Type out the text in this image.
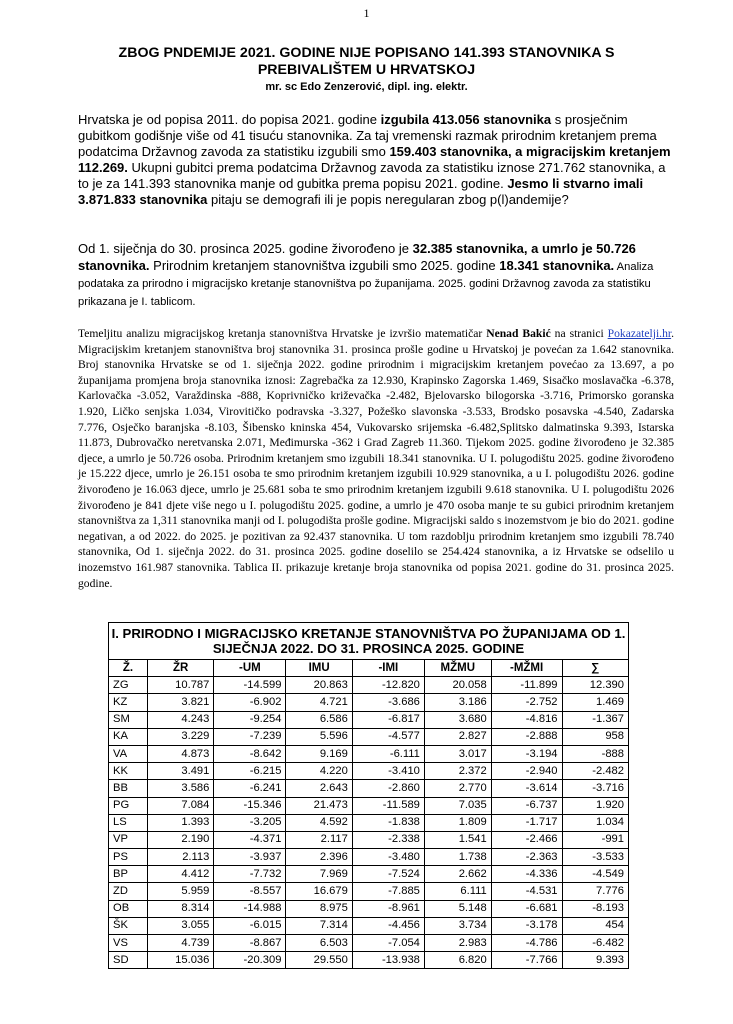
1
ZBOG PNDEMIJE 2021. GODINE NIJE POPISANO 141.393 STANOVNIKA S PREBIVALIŠTEM U HRVATSKOJ
mr. sc Edo Zenzerović, dipl. ing. elektr.
Hrvatska je od popisa 2011. do popisa 2021. godine izgubila 413.056 stanovnika s prosječnim gubitkom godišnje više od 41 tisuću stanovnika. Za taj vremenski razmak prirodnim kretanjem prema podatcima Državnog zavoda za statistiku izgubili smo 159.403 stanovnika, a migracijskim kretanjem 112.269. Ukupni gubitci prema podatcima Državnog zavoda za statistiku iznose 271.762 stanovnika, a to je za 141.393 stanovnika manje od gubitka prema popisu 2021. godine. Jesmo li stvarno imali 3.871.833 stanovnika pitaju se demografi ili je popis neregularan zbog p(l)andemije?
Od 1. siječnja do 30. prosinca 2025. godine živorođeno je 32.385 stanovnika, a umrlo je 50.726 stanovnika. Prirodnim kretanjem stanovništva izgubili smo 2025. godine 18.341 stanovnika. Analiza podataka za prirodno i migracijsko kretanje stanovništva po županijama. 2025. godini Državnog zavoda za statistiku prikazana je I. tablicom.
Temeljitu analizu migracijskog kretanja stanovništva Hrvatske je izvršio matematičar Nenad Bakić na stranici Pokazatelji.hr. Migracijskim kretanjem stanovništva broj stanovnika 31. prosinca prošle godine u Hrvatskoj je povećan za 1.642 stanovnika. Broj stanovnika Hrvatske se od 1. siječnja 2022. godine prirodnim i migracijskim kretanjem povećao za 13.697, a po županijama promjena broja stanovnika iznosi: Zagrebačka za 12.930, Krapinsko Zagorska 1.469, Sisačko moslavačka -6.378, Karlovačka -3.052, Varaždinska -888, Koprivničko križevačka -2.482, Bjelovarsko bilogorska -3.716, Primorsko goranska 1.920, Ličko senjska 1.034, Virovitičko podravska -3.327, Požeško slavonska -3.533, Brodsko posavska -4.540, Zadarska 7.776, Osječko baranjska -8.103, Šibensko kninska 454, Vukovarsko srijemska -6.482,Splitsko dalmatinska 9.393, Istarska 11.873, Dubrovačko neretvanska 2.071, Međimurska -362 i Grad Zagreb 11.360. Tijekom 2025. godine živorođeno je 32.385 djece, a umrlo je 50.726 osoba. Prirodnim kretanjem smo izgubili 18.341 stanovnika. U I. polugodištu 2025. godine živorođeno je 15.222 djece, umrlo je 26.151 osoba te smo prirodnim kretanjem izgubili 10.929 stanovnika, a u I. polugodištu 2026. godine živorođeno je 16.063 djece, umrlo je 25.681 soba te smo prirodnim kretanjem izgubili 9.618 stanovnika. U I. polugodištu 2026 živorođeno je 841 djete više nego u I. polugodištu 2025. godine, a umrlo je 470 osoba manje te su gubici prirodnim kretanjem stanovništva za 1,311 stanovnika manji od I. polugodišta prošle godine. Migracijski saldo s inozemstvom je bio do 2021. godine negativan, a od 2022. do 2025. je pozitivan za 92.437 stanovnika. U tom razdoblju prirodnim kretanjem smo izgubili 78.740 stanovnika, Od 1. siječnja 2022. do 31. prosinca 2025. godine doselilo se 254.424 stanovnika, a iz Hrvatske se odselilo u inozemstvo 161.987 stanovnika. Tablica II. prikazuje kretanje broja stanovnika od popisa 2021. godine do 31. prosinca 2025. godine.
I. PRIRODNO I MIGRACIJSKO KRETANJE STANOVNIŠTVA PO ŽUPANIJAMA OD 1. SIJEČNJA 2022. DO 31. PROSINCA 2025. GODINE							
Ž.	ŽR	-UM	IMU	-IMI	MŽMU	-MŽMI	∑
ZG	10.787	-14.599	20.863	-12.820	20.058	-11.899	12.390
KZ	3.821	-6.902	4.721	-3.686	3.186	-2.752	1.469
SM	4.243	-9.254	6.586	-6.817	3.680	-4.816	-1.367
KA	3.229	-7.239	5.596	-4.577	2.827	-2.888	958
VA	4.873	-8.642	9.169	-6.111	3.017	-3.194	-888
KK	3.491	-6.215	4.220	-3.410	2.372	-2.940	-2.482
BB	3.586	-6.241	2.643	-2.860	2.770	-3.614	-3.716
PG	7.084	-15.346	21.473	-11.589	7.035	-6.737	1.920
LS	1.393	-3.205	4.592	-1.838	1.809	-1.717	1.034
VP	2.190	-4.371	2.117	-2.338	1.541	-2.466	-991
PS	2.113	-3.937	2.396	-3.480	1.738	-2.363	-3.533
BP	4.412	-7.732	7.969	-7.524	2.662	-4.336	-4.549
ZD	5.959	-8.557	16.679	-7.885	6.111	-4.531	7.776
OB	8.314	-14.988	8.975	-8.961	5.148	-6.681	-8.193
ŠK	3.055	-6.015	7.314	-4.456	3.734	-3.178	454
VS	4.739	-8.867	6.503	-7.054	2.983	-4.786	-6.482
SD	15.036	-20.309	29.550	-13.938	6.820	-7.766	9.393
